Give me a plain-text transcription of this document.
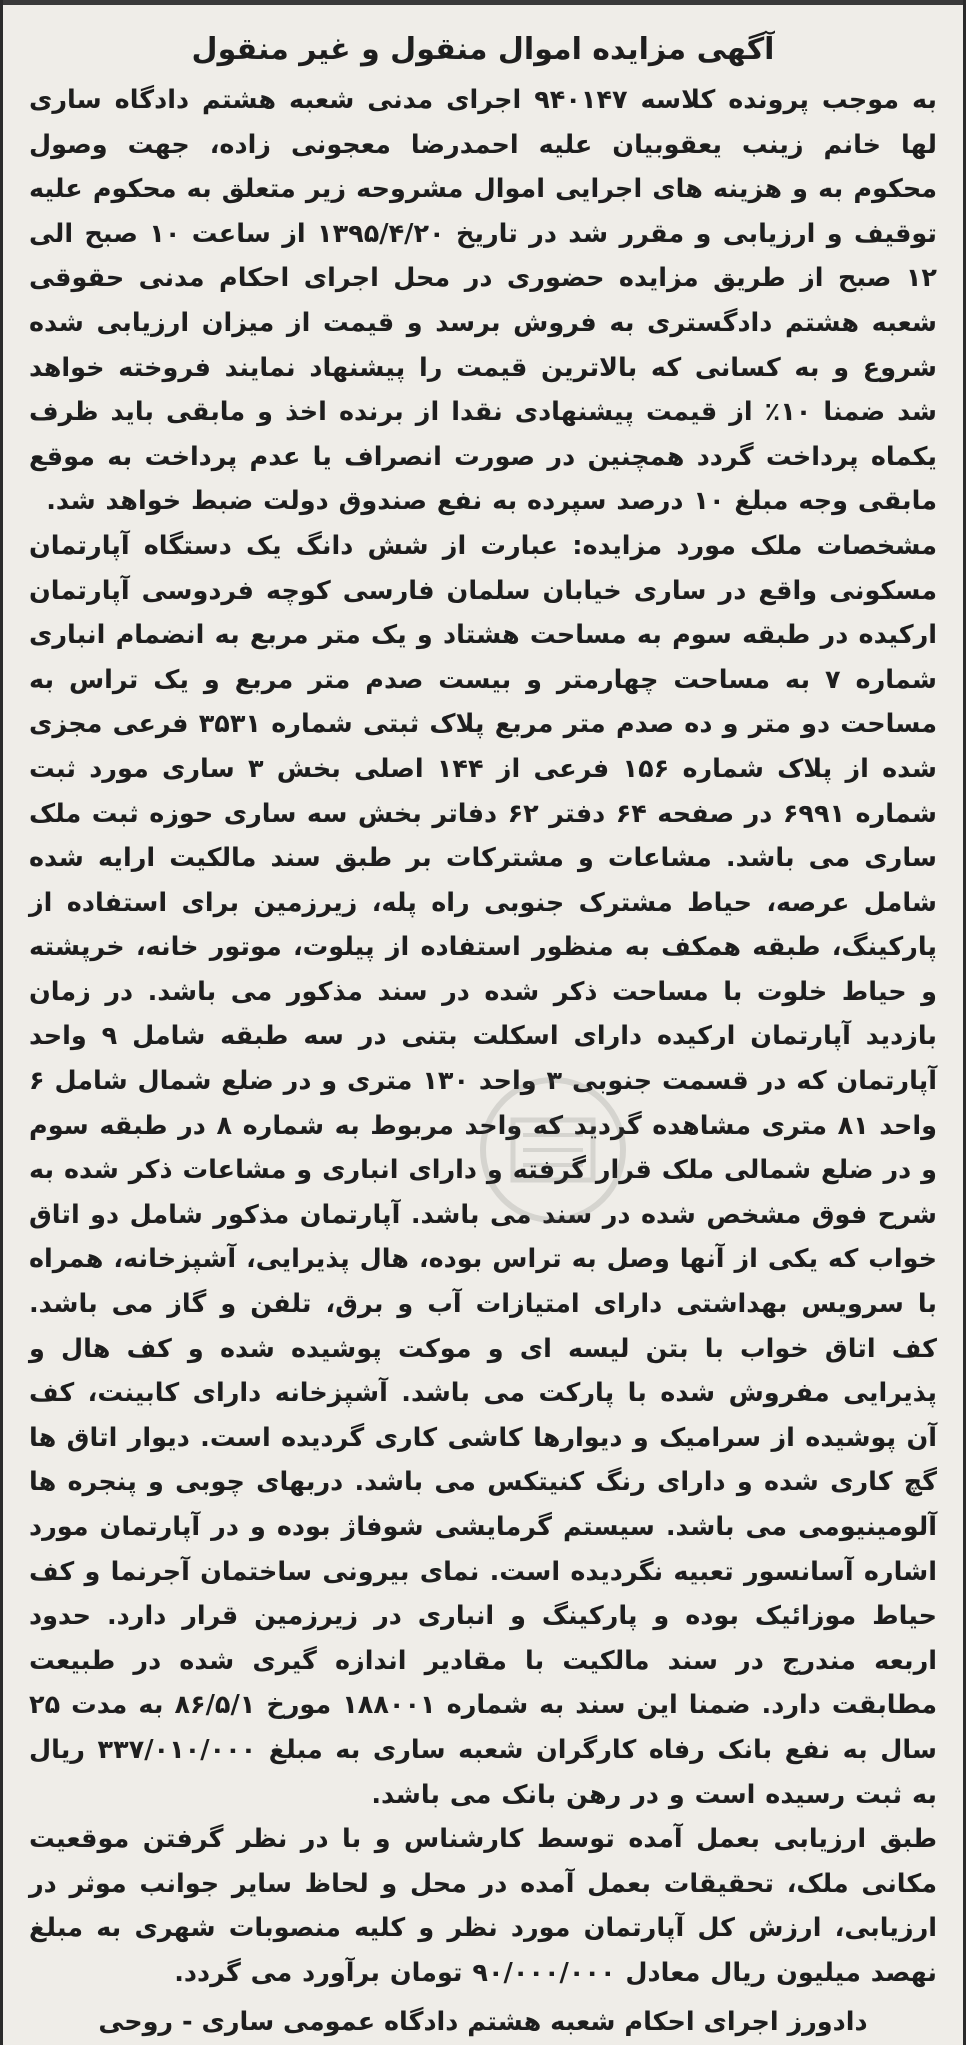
آگهی مزایده اموال منقول و غیر منقول

به موجب پرونده کلاسه ۹۴۰۱۴۷ اجرای مدنی شعبه هشتم دادگاه ساری لها خانم زینب یعقوبیان علیه احمدرضا معجونی زاده، جهت وصول محکوم به و هزینه های اجرایی اموال مشروحه زیر متعلق به محکوم علیه توقیف و ارزیابی و مقرر شد در تاریخ ۱۳۹۵/۴/۲۰ از ساعت ۱۰ صبح الی ۱۲ صبح از طریق مزایده حضوری در محل اجرای احکام مدنی حقوقی شعبه هشتم دادگستری به فروش برسد و قیمت از میزان ارزیابی شده شروع و به کسانی که بالاترین قیمت را پیشنهاد نمایند فروخته خواهد شد ضمنا ۱۰٪ از قیمت پیشنهادی نقدا از برنده اخذ و مابقی باید ظرف یکماه پرداخت گردد همچنین در صورت انصراف یا عدم پرداخت به موقع مابقی وجه مبلغ ۱۰ درصد سپرده به نفع صندوق دولت ضبط خواهد شد.

مشخصات ملک مورد مزایده: عبارت از شش دانگ یک دستگاه آپارتمان مسکونی واقع در ساری خیابان سلمان فارسی کوچه فردوسی آپارتمان ارکیده در طبقه سوم به مساحت هشتاد و یک متر مربع به انضمام انباری شماره ۷ به مساحت چهارمتر و بیست صدم متر مربع و یک تراس به مساحت دو متر و ده صدم متر مربع پلاک ثبتی شماره ۳۵۳۱ فرعی مجزی شده از پلاک شماره ۱۵۶ فرعی از ۱۴۴ اصلی بخش ۳ ساری مورد ثبت شماره ۶۹۹۱ در صفحه ۶۴ دفتر ۶۲ دفاتر بخش سه ساری حوزه ثبت ملک ساری می باشد. مشاعات و مشترکات بر طبق سند مالکیت ارایه شده شامل عرصه، حیاط مشترک جنوبی راه پله، زیرزمین برای استفاده از پارکینگ، طبقه همکف به منظور استفاده از پیلوت، موتور خانه، خرپشته و حیاط خلوت با مساحت ذکر شده در سند مذکور می باشد. در زمان بازدید آپارتمان ارکیده دارای اسکلت بتنی در سه طبقه شامل ۹ واحد آپارتمان که در قسمت جنوبی ۳ واحد ۱۳۰ متری و در ضلع شمال شامل ۶ واحد ۸۱ متری مشاهده گردید که واحد مربوط به شماره ۸ در طبقه سوم و در ضلع شمالی ملک قرار گرفته و دارای انباری و مشاعات ذکر شده به شرح فوق مشخص شده در سند می باشد. آپارتمان مذکور شامل دو اتاق خواب که یکی از آنها وصل به تراس بوده، هال پذیرایی، آشپزخانه، همراه با سرویس بهداشتی دارای امتیازات آب و برق، تلفن و گاز می باشد. کف اتاق خواب با بتن لیسه ای و موکت پوشیده شده و کف هال و پذیرایی مفروش شده با پارکت می باشد. آشپزخانه دارای کابینت، کف آن پوشیده از سرامیک و دیوارها کاشی کاری گردیده است. دیوار اتاق ها گچ کاری شده و دارای رنگ کنیتکس می باشد. دربهای چوبی و پنجره ها آلومینیومی می باشد. سیستم گرمایشی شوفاژ بوده و در آپارتمان مورد اشاره آسانسور تعبیه نگردیده است. نمای بیرونی ساختمان آجرنما و کف حیاط موزائیک بوده و پارکینگ و انباری در زیرزمین قرار دارد. حدود اربعه مندرج در سند مالکیت با مقادیر اندازه گیری شده در طبیعت مطابقت دارد. ضمنا این سند به شماره ۱۸۸۰۰۱ مورخ ۸۶/۵/۱ به مدت ۲۵ سال به نفع بانک رفاه کارگران شعبه ساری به مبلغ ۳۳۷/۰۱۰/۰۰۰ ریال به ثبت رسیده است و در رهن بانک می باشد.

طبق ارزیابی بعمل آمده توسط کارشناس و با در نظر گرفتن موقعیت مکانی ملک، تحقیقات بعمل آمده در محل و لحاظ سایر جوانب موثر در ارزیابی، ارزش کل آپارتمان مورد نظر و کلیه منصوبات شهری به مبلغ نهصد میلیون ریال معادل ۹۰/۰۰۰/۰۰۰ تومان برآورد می گردد.

دادورز اجرای احکام شعبه هشتم دادگاه عمومی ساری - روحی
